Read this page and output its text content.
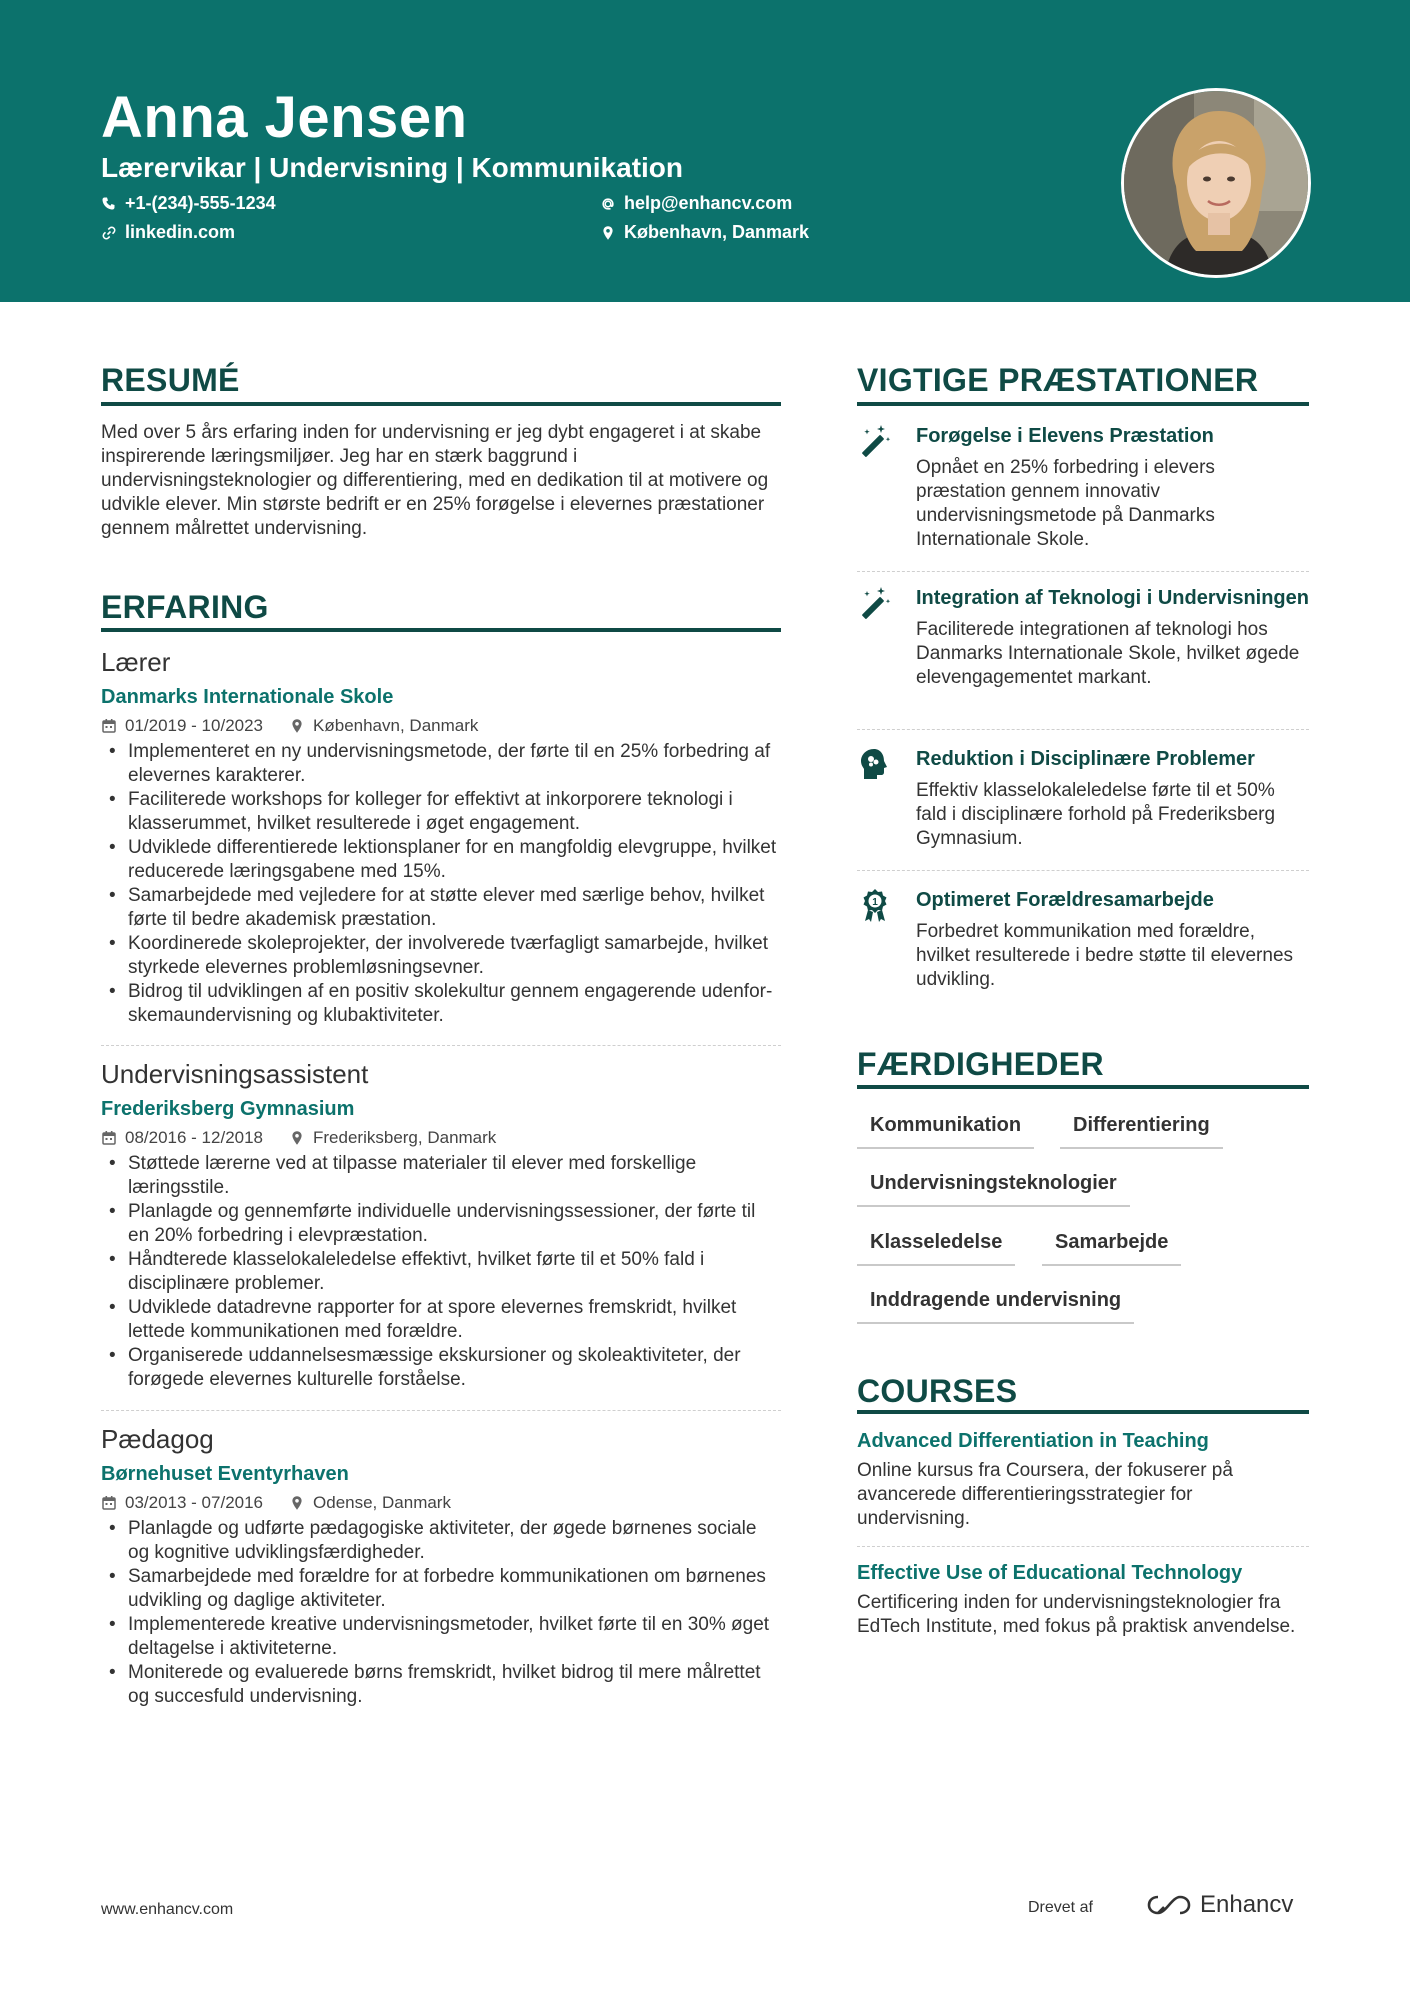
Anna Jensen
Lærervikar | Undervisning | Kommunikation
+1-(234)-555-1234	help@enhancv.com
linkedin.com	København, Danmark
RESUMÉ
Med over 5 års erfaring inden for undervisning er jeg dybt engageret i at skabe inspirerende læringsmiljøer. Jeg har en stærk baggrund i undervisningsteknologier og differentiering, med en dedikation til at motivere og udvikle elever. Min største bedrift er en 25% forøgelse i elevernes præstationer gennem målrettet undervisning.
ERFARING
Lærer
Danmarks Internationale Skole
01/2019 - 10/2023	København, Danmark
• Implementeret en ny undervisningsmetode, der førte til en 25% forbedring af elevernes karakterer.
• Faciliterede workshops for kolleger for effektivt at inkorporere teknologi i klasserummet, hvilket resulterede i øget engagement.
• Udviklede differentierede lektionsplaner for en mangfoldig elevgruppe, hvilket reducerede læringsgabene med 15%.
• Samarbejdede med vejledere for at støtte elever med særlige behov, hvilket førte til bedre akademisk præstation.
• Koordinerede skoleprojekter, der involverede tværfagligt samarbejde, hvilket styrkede elevernes problemløsningsevner.
• Bidrog til udviklingen af en positiv skolekultur gennem engagerende udenfor-skemaundervisning og klubaktiviteter.
Undervisningsassistent
Frederiksberg Gymnasium
08/2016 - 12/2018	Frederiksberg, Danmark
• Støttede lærerne ved at tilpasse materialer til elever med forskellige læringsstile.
• Planlagde og gennemførte individuelle undervisningssessioner, der førte til en 20% forbedring i elevpræstation.
• Håndterede klasselokaleledelse effektivt, hvilket førte til et 50% fald i disciplinære problemer.
• Udviklede datadrevne rapporter for at spore elevernes fremskridt, hvilket lettede kommunikationen med forældre.
• Organiserede uddannelsesmæssige ekskursioner og skoleaktiviteter, der forøgede elevernes kulturelle forståelse.
Pædagog
Børnehuset Eventyrhaven
03/2013 - 07/2016	Odense, Danmark
• Planlagde og udførte pædagogiske aktiviteter, der øgede børnenes sociale og kognitive udviklingsfærdigheder.
• Samarbejdede med forældre for at forbedre kommunikationen om børnenes udvikling og daglige aktiviteter.
• Implementerede kreative undervisningsmetoder, hvilket førte til en 30% øget deltagelse i aktiviteterne.
• Moniterede og evaluerede børns fremskridt, hvilket bidrog til mere målrettet og succesfuld undervisning.
VIGTIGE PRÆSTATIONER
Forøgelse i Elevens Præstation
Opnået en 25% forbedring i elevers præstation gennem innovativ undervisningsmetode på Danmarks Internationale Skole.
Integration af Teknologi i Undervisningen
Faciliterede integrationen af teknologi hos Danmarks Internationale Skole, hvilket øgede elevengagementet markant.
Reduktion i Disciplinære Problemer
Effektiv klasselokaleledelse førte til et 50% fald i disciplinære forhold på Frederiksberg Gymnasium.
1 Optimeret Forældresamarbejde
Forbedret kommunikation med forældre, hvilket resulterede i bedre støtte til elevernes udvikling.
FÆRDIGHEDER
Kommunikation	Differentiering
Undervisningsteknologier
Klasseledelse	Samarbejde
Inddragende undervisning
COURSES
Advanced Differentiation in Teaching
Online kursus fra Coursera, der fokuserer på avancerede differentieringsstrategier for undervisning.
Effective Use of Educational Technology
Certificering inden for undervisningsteknologier fra EdTech Institute, med fokus på praktisk anvendelse.
www.enhancv.com	Drevet af	Enhancv
